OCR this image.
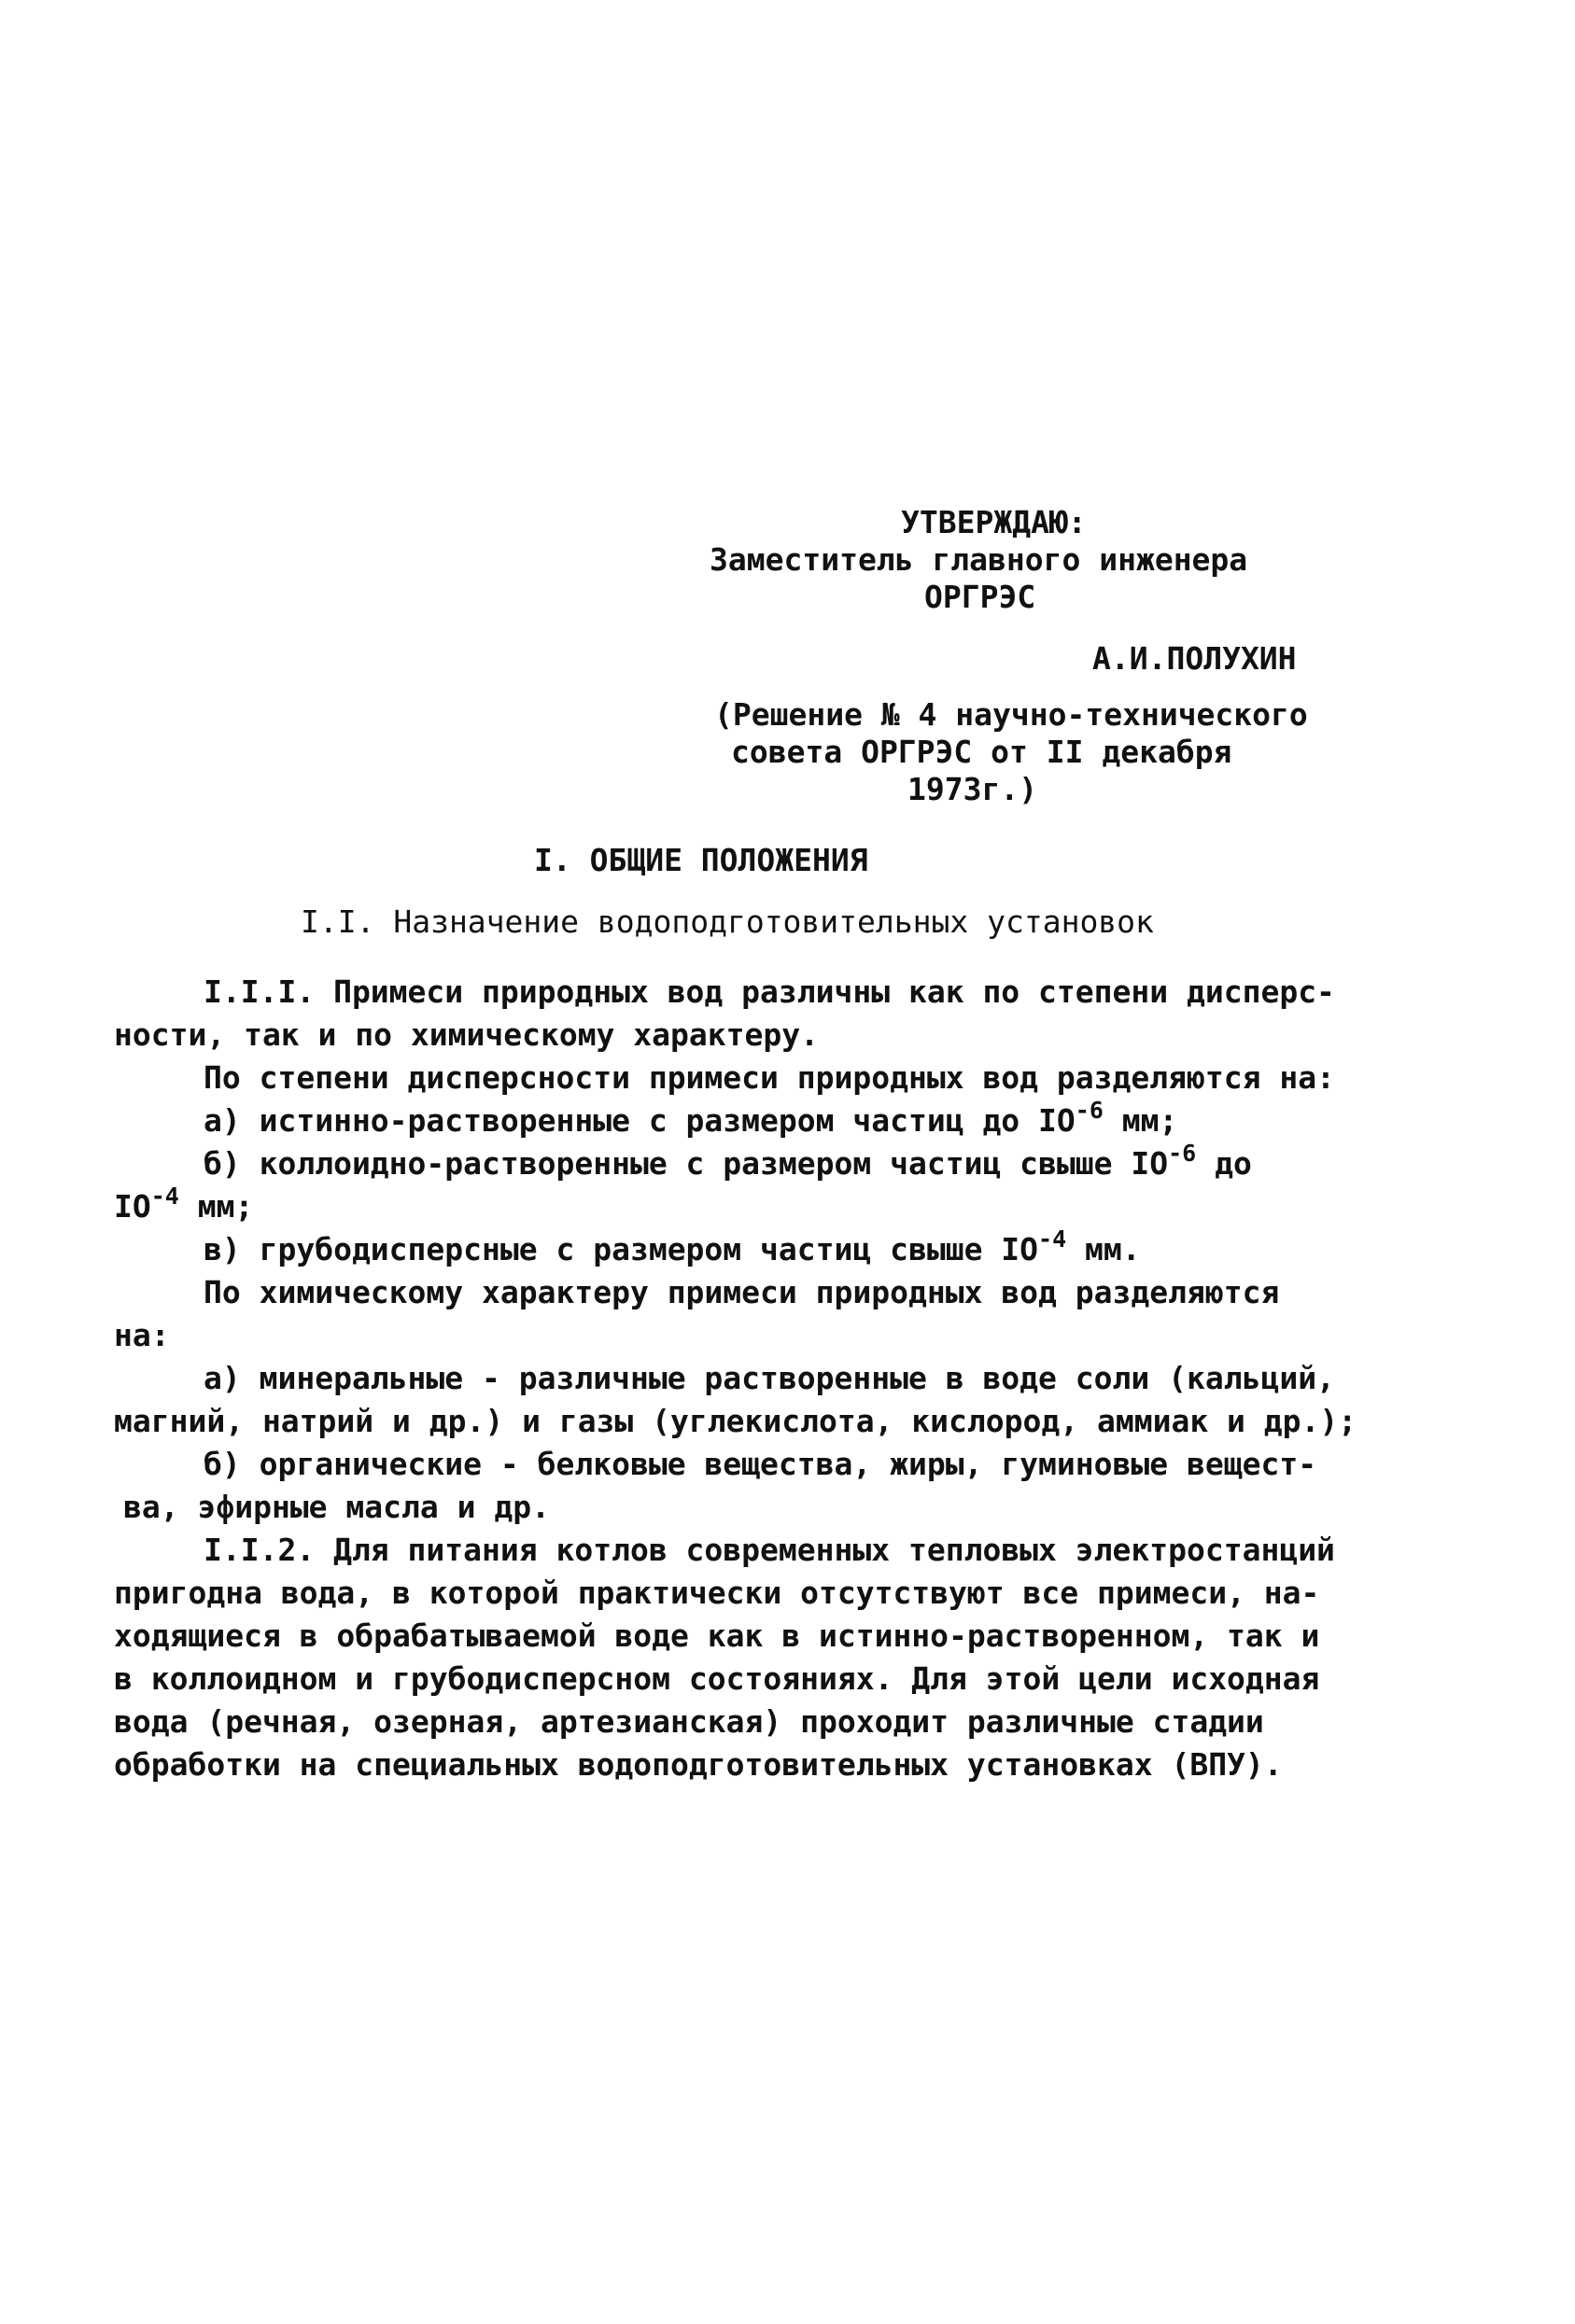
УТВЕРЖДАЮ:
Заместитель главного инженера
ОРГРЭС
А.И.ПОЛУХИН
(Решение № 4 научно-технического
совета ОРГРЭС от II декабря
1973г.)
I. ОБЩИЕ ПОЛОЖЕНИЯ
I.I. Назначение водоподготовительных установок
I.I.I. Примеси природных вод различны как по степени дисперс-
ности, так и по химическому характеру.
По степени дисперсности примеси природных вод разделяются на:
а) истинно-растворенные с размером частиц до $IO^{-6}$ мм;
б) коллоидно-растворенные с размером частиц свыше $IO^{-6}$ до
$IO^{-4}$ мм;
в) грубодисперсные с размером частиц свыше $IO^{-4}$ мм.
По химическому характеру примеси природных вод разделяются
на:
а) минеральные - различные растворенные в воде соли (кальций,
магний, натрий и др.) и газы (углекислота, кислород, аммиак и др.);
б) органические - белковые вещества, жиры, гуминовые вещест-
ва, эфирные масла и др.
I.I.2. Для питания котлов современных тепловых электростанций
пригодна вода, в которой практически отсутствуют все примеси, на-
ходящиеся в обрабатываемой воде как в истинно-растворенном, так и
в коллоидном и грубодисперсном состояниях. Для этой цели исходная
вода (речная, озерная, артезианская) проходит различные стадии
обработки на специальных водоподготовительных установках (ВПУ).
